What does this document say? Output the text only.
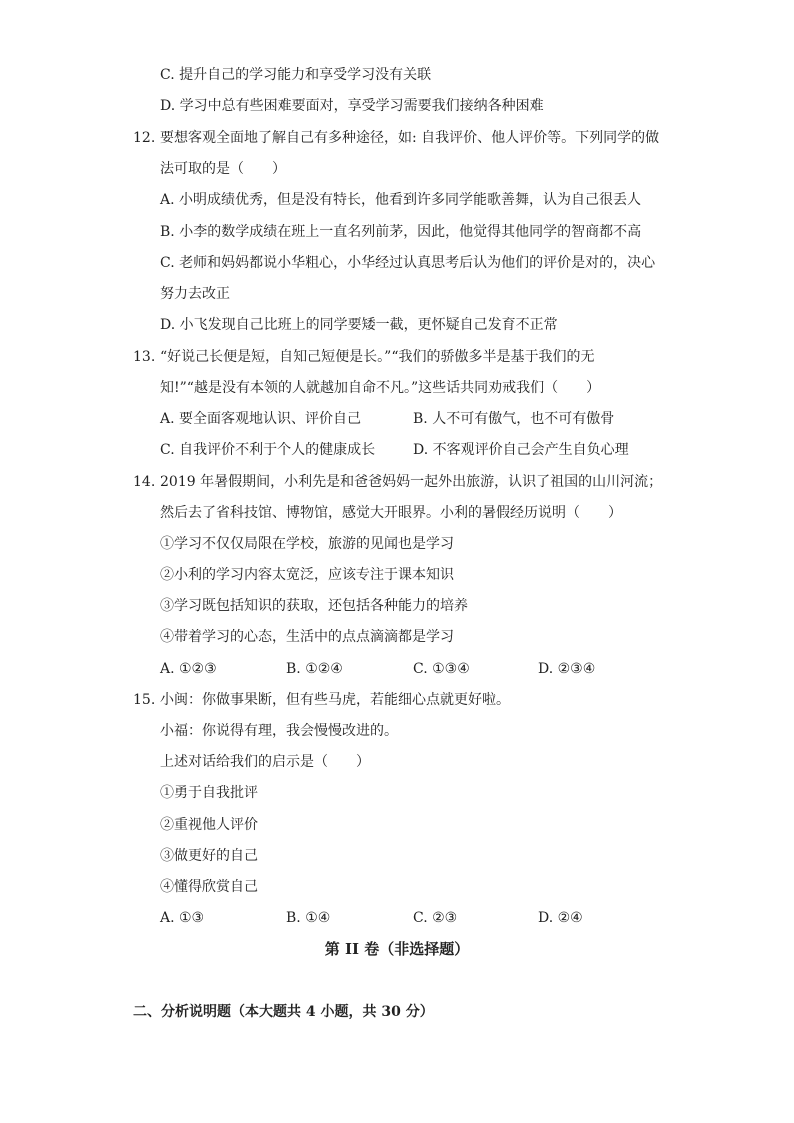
C. 提升自己的学习能力和享受学习没有关联
D. 学习中总有些困难要面对，享受学习需要我们接纳各种困难
12. 要想客观全面地了解自己有多种途径，如: 自我评价、他人评价等。下列同学的做
法可取的是（　　）
A. 小明成绩优秀，但是没有特长，他看到许多同学能歌善舞，认为自己很丢人
B. 小李的数学成绩在班上一直名列前茅，因此，他觉得其他同学的智商都不高
C. 老师和妈妈都说小华粗心，小华经过认真思考后认为他们的评价是对的，决心
努力去改正
D. 小飞发现自己比班上的同学要矮一截，更怀疑自己发育不正常
13. “好说己长便是短，自知己短便是长。”“我们的骄傲多半是基于我们的无
知!”“越是没有本领的人就越加自命不凡。”这些话共同劝戒我们（　　）
A. 要全面客观地认识、评价自己	B. 人不可有傲气，也不可有傲骨
C. 自我评价不利于个人的健康成长	D. 不客观评价自己会产生自负心理
14. 2019 年暑假期间，小利先是和爸爸妈妈一起外出旅游，认识了祖国的山川河流；
然后去了省科技馆、博物馆，感觉大开眼界。小利的暑假经历说明（　　）
①学习不仅仅局限在学校，旅游的见闻也是学习
②小利的学习内容太宽泛，应该专注于课本知识
③学习既包括知识的获取，还包括各种能力的培养
④带着学习的心态，生活中的点点滴滴都是学习
A. ①②③	B. ①②④	C. ①③④	D. ②③④
15. 小闽：你做事果断，但有些马虎，若能细心点就更好啦。
小福：你说得有理，我会慢慢改进的。
上述对话给我们的启示是（　　）
①勇于自我批评
②重视他人评价
③做更好的自己
④懂得欣赏自己
A. ①③	B. ①④	C. ②③	D. ②④
第 II 卷（非选择题）
二、分析说明题（本大题共 4 小题，共 30 分）
